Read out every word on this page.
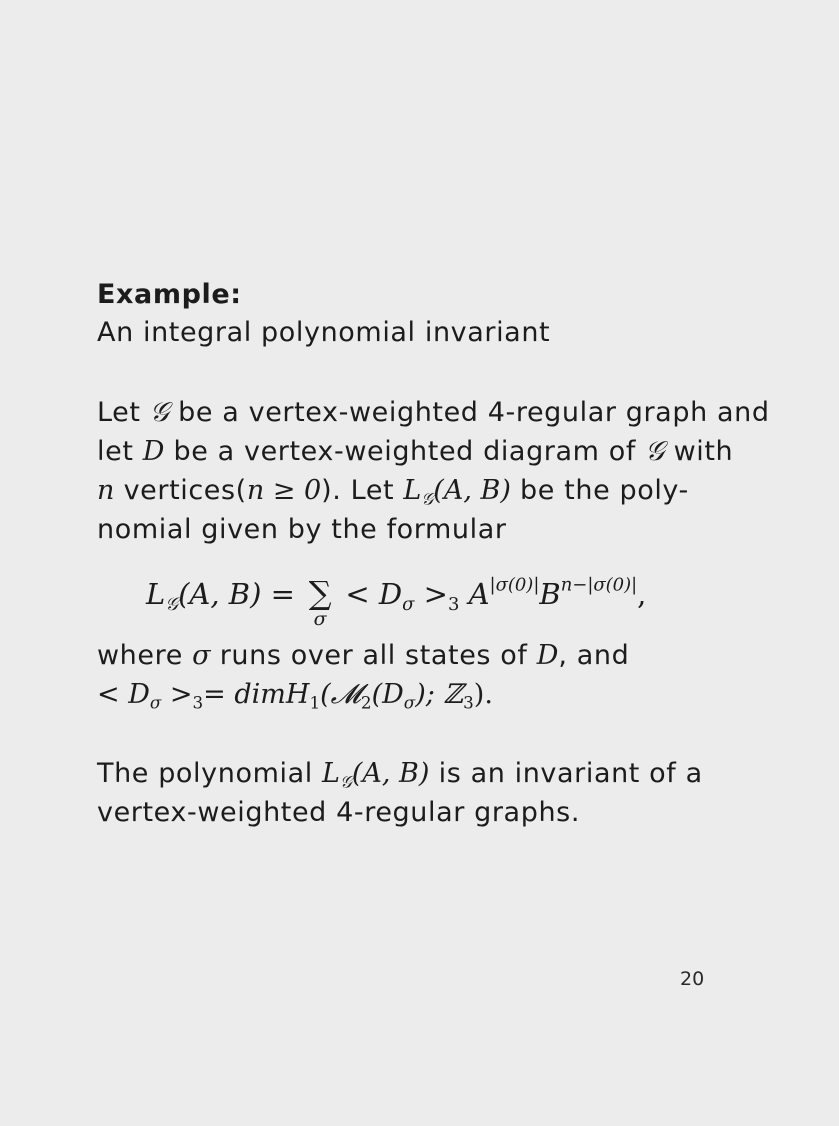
Example:
An integral polynomial invariant
Let 𝒢 be a vertex-weighted 4-regular graph and
let D be a vertex-weighted diagram of 𝒢 with
n vertices(n ≥ 0). Let $L_𝒢(A$, B) be the poly-
nomial given by the formular
$L_𝒢(A$, B) = ∑
σ
< $D_\sigma >_3$ $A^{|\sigma(0)|}B^{n-|\sigma(0)|}$,
where σ runs over all states of D, and
< $D_\sigma >_3=$ $dimH_1(𝓜_2(D_\sigma)$; ℤ$_3$).
The polynomial $L_𝒢(A$, B) is an invariant of a
vertex-weighted 4-regular graphs.
20
